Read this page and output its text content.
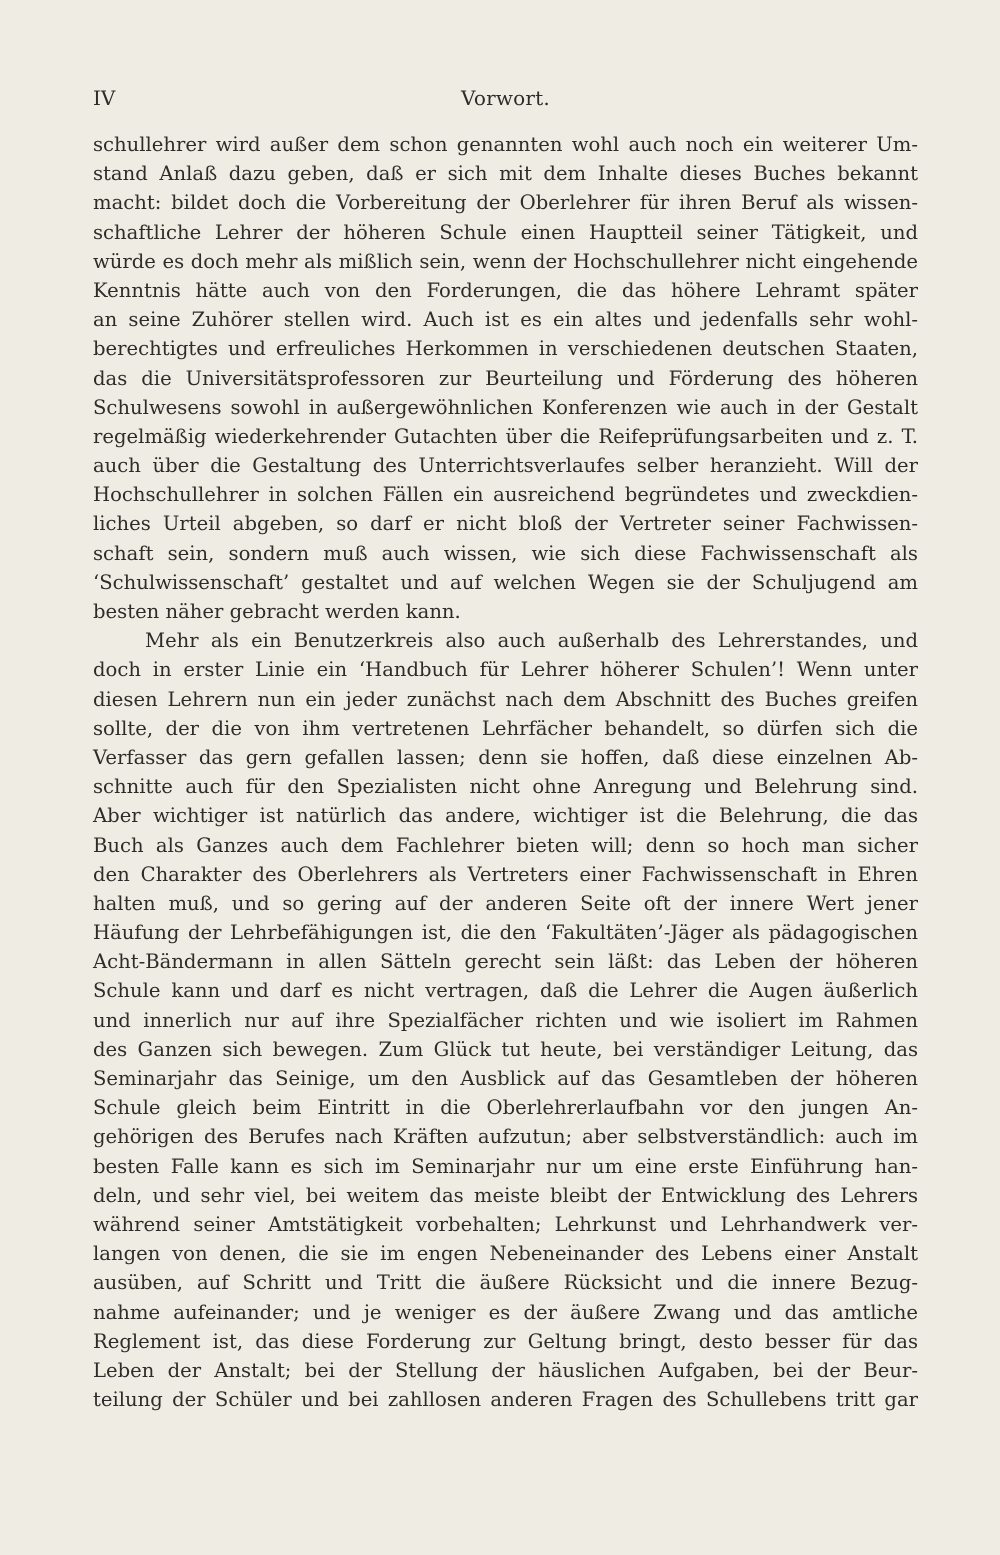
IV	Vorwort.
schullehrer wird außer dem schon genannten wohl auch noch ein weiterer Um-
stand Anlaß dazu geben, daß er sich mit dem Inhalte dieses Buches bekannt
macht: bildet doch die Vorbereitung der Oberlehrer für ihren Beruf als wissen-
schaftliche Lehrer der höheren Schule einen Hauptteil seiner Tätigkeit, und
würde es doch mehr als mißlich sein, wenn der Hochschullehrer nicht eingehende
Kenntnis hätte auch von den Forderungen, die das höhere Lehramt später
an seine Zuhörer stellen wird. Auch ist es ein altes und jedenfalls sehr wohl-
berechtigtes und erfreuliches Herkommen in verschiedenen deutschen Staaten,
das die Universitätsprofessoren zur Beurteilung und Förderung des höheren
Schulwesens sowohl in außergewöhnlichen Konferenzen wie auch in der Gestalt
regelmäßig wiederkehrender Gutachten über die Reifeprüfungsarbeiten und z. T.
auch über die Gestaltung des Unterrichtsverlaufes selber heranzieht. Will der
Hochschullehrer in solchen Fällen ein ausreichend begründetes und zweckdien-
liches Urteil abgeben, so darf er nicht bloß der Vertreter seiner Fachwissen-
schaft sein, sondern muß auch wissen, wie sich diese Fachwissenschaft als
‘Schulwissenschaft’ gestaltet und auf welchen Wegen sie der Schuljugend am
besten näher gebracht werden kann.
Mehr als ein Benutzerkreis also auch außerhalb des Lehrerstandes, und
doch in erster Linie ein ‘Handbuch für Lehrer höherer Schulen’! Wenn unter
diesen Lehrern nun ein jeder zunächst nach dem Abschnitt des Buches greifen
sollte, der die von ihm vertretenen Lehrfächer behandelt, so dürfen sich die
Verfasser das gern gefallen lassen; denn sie hoffen, daß diese einzelnen Ab-
schnitte auch für den Spezialisten nicht ohne Anregung und Belehrung sind.
Aber wichtiger ist natürlich das andere, wichtiger ist die Belehrung, die das
Buch als Ganzes auch dem Fachlehrer bieten will; denn so hoch man sicher
den Charakter des Oberlehrers als Vertreters einer Fachwissenschaft in Ehren
halten muß, und so gering auf der anderen Seite oft der innere Wert jener
Häufung der Lehrbefähigungen ist, die den ‘Fakultäten’-Jäger als pädagogischen
Acht-Bändermann in allen Sätteln gerecht sein läßt: das Leben der höheren
Schule kann und darf es nicht vertragen, daß die Lehrer die Augen äußerlich
und innerlich nur auf ihre Spezialfächer richten und wie isoliert im Rahmen
des Ganzen sich bewegen. Zum Glück tut heute, bei verständiger Leitung, das
Seminarjahr das Seinige, um den Ausblick auf das Gesamtleben der höheren
Schule gleich beim Eintritt in die Oberlehrerlaufbahn vor den jungen An-
gehörigen des Berufes nach Kräften aufzutun; aber selbstverständlich: auch im
besten Falle kann es sich im Seminarjahr nur um eine erste Einführung han-
deln, und sehr viel, bei weitem das meiste bleibt der Entwicklung des Lehrers
während seiner Amtstätigkeit vorbehalten; Lehrkunst und Lehrhandwerk ver-
langen von denen, die sie im engen Nebeneinander des Lebens einer Anstalt
ausüben, auf Schritt und Tritt die äußere Rücksicht und die innere Bezug-
nahme aufeinander; und je weniger es der äußere Zwang und das amtliche
Reglement ist, das diese Forderung zur Geltung bringt, desto besser für das
Leben der Anstalt; bei der Stellung der häuslichen Aufgaben, bei der Beur-
teilung der Schüler und bei zahllosen anderen Fragen des Schullebens tritt gar
